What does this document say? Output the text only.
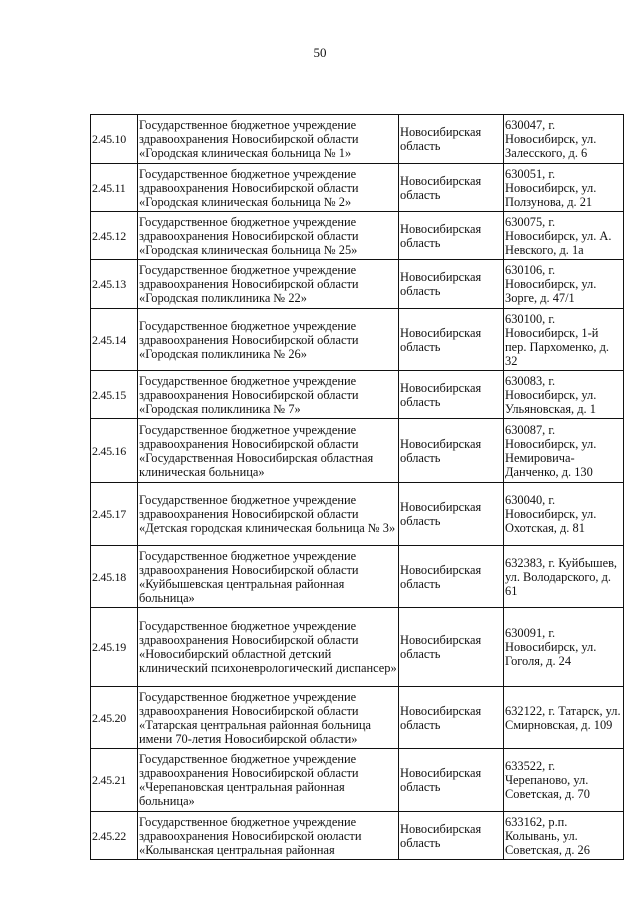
50
2.45.10	Государственное бюджетное учреждение здравоохранения Новосибирской области «Городская клиническая больница № 1»	Новосибирская область	630047, г. Новосибирск, ул. Залесского, д. 6
2.45.11	Государственное бюджетное учреждение здравоохранения Новосибирской области «Городская клиническая больница № 2»	Новосибирская область	630051, г. Новосибирск, ул. Ползунова, д. 21
2.45.12	Государственное бюджетное учреждение здравоохранения Новосибирской области «Городская клиническая больница № 25»	Новосибирская область	630075, г. Новосибирск, ул. А. Невского, д. 1а
2.45.13	Государственное бюджетное учреждение здравоохранения Новосибирской области «Городская поликлиника № 22»	Новосибирская область	630106, г. Новосибирск, ул. Зорге, д. 47/1
2.45.14	Государственное бюджетное учреждение здравоохранения Новосибирской области «Городская поликлиника № 26»	Новосибирская область	630100, г. Новосибирск, 1-й пер. Пархоменко, д. 32
2.45.15	Государственное бюджетное учреждение здравоохранения Новосибирской области «Городская поликлиника № 7»	Новосибирская область	630083, г. Новосибирск, ул. Ульяновская, д. 1
2.45.16	Государственное бюджетное учреждение здравоохранения Новосибирской области «Государственная Новосибирская областная клиническая больница»	Новосибирская область	630087, г. Новосибирск, ул. Немировича-Данченко, д. 130
2.45.17	Государственное бюджетное учреждение здравоохранения Новосибирской области «Детская городская клиническая больница № 3»	Новосибирская область	630040, г. Новосибирск, ул. Охотская, д. 81
2.45.18	Государственное бюджетное учреждение здравоохранения Новосибирской области «Куйбышевская центральная районная больница»	Новосибирская область	632383, г. Куйбышев, ул. Володарского, д. 61
2.45.19	Государственное бюджетное учреждение здравоохранения Новосибирской области «Новосибирский областной детский клинический психоневрологический диспансер»	Новосибирская область	630091, г. Новосибирск, ул. Гоголя, д. 24
2.45.20	Государственное бюджетное учреждение здравоохранения Новосибирской области «Татарская центральная районная больница имени 70-летия Новосибирской области»	Новосибирская область	632122, г. Татарск, ул. Смирновская, д. 109
2.45.21	Государственное бюджетное учреждение здравоохранения Новосибирской области «Черепановская центральная районная больница»	Новосибирская область	633522, г. Черепаново, ул. Советская, д. 70
2.45.22	Государственное бюджетное учреждение здравоохранения Новосибирской оюласти «Колыванская центральная районная	Новосибирская область	633162, р.п. Колывань, ул. Советская, д. 26
